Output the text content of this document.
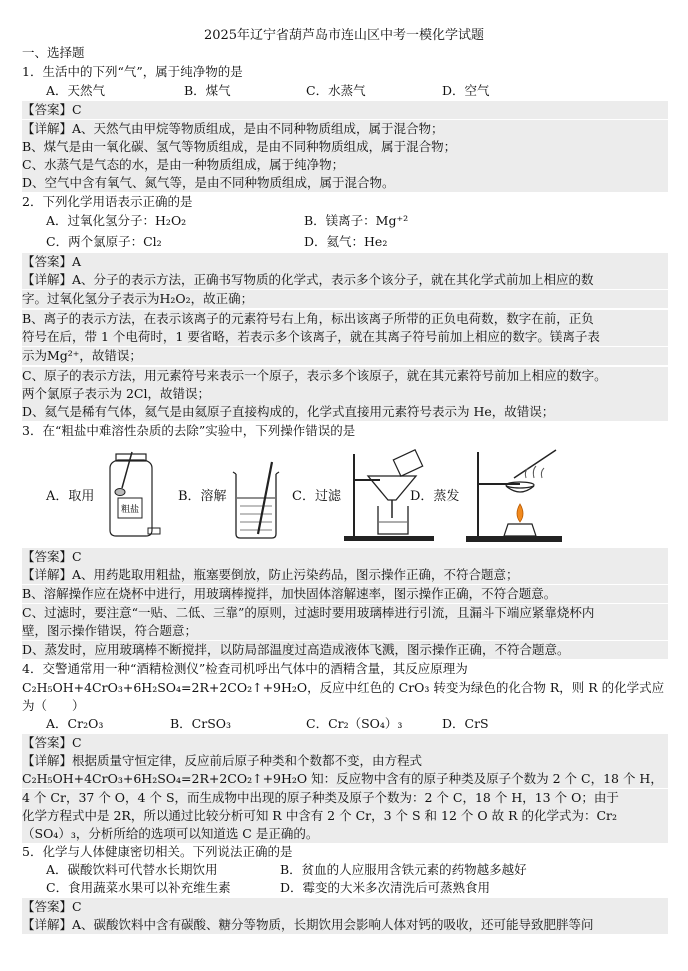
2025年辽宁省葫芦岛市连山区中考一模化学试题
一、选择题
1．生活中的下列“气”，属于纯净物的是
A．天然气	B．煤气	C．水蒸气	D．空气
【答案】C
【详解】A、天然气由甲烷等物质组成，是由不同种物质组成，属于混合物；
B、煤气是由一氧化碳、氢气等物质组成，是由不同种物质组成，属于混合物；
C、水蒸气是气态的水，是由一种物质组成，属于纯净物；
D、空气中含有氧气、氮气等，是由不同种物质组成，属于混合物。
2．下列化学用语表示正确的是
A．过氧化氢分子：H₂O₂	B．镁离子：Mg⁺²
C．两个氯原子：Cl₂	D．氦气：He₂
【答案】A
【详解】A、分子的表示方法，正确书写物质的化学式，表示多个该分子，就在其化学式前加上相应的数
字。过氧化氢分子表示为H₂O₂，故正确；
B、离子的表示方法，在表示该离子的元素符号右上角，标出该离子所带的正负电荷数，数字在前，正负
符号在后，带 1 个电荷时，1 要省略，若表示多个该离子，就在其离子符号前加上相应的数字。镁离子表
示为Mg²⁺，故错误；
C、原子的表示方法，用元素符号来表示一个原子，表示多个该原子，就在其元素符号前加上相应的数字。
两个氯原子表示为 2Cl，故错误；
D、氦气是稀有气体，氦气是由氦原子直接构成的，化学式直接用元素符号表示为 He，故错误；
3．在“粗盐中难溶性杂质的去除”实验中，下列操作错误的是
A．取用
粗盐
B．溶解	C．过滤	D．蒸发
【答案】C
【详解】A、用药匙取用粗盐，瓶塞要倒放，防止污染药品，图示操作正确，不符合题意；
B、溶解操作应在烧杯中进行，用玻璃棒搅拌，加快固体溶解速率，图示操作正确，不符合题意。
C、过滤时，要注意“一贴、二低、三靠”的原则，过滤时要用玻璃棒进行引流，且漏斗下端应紧靠烧杯内
壁，图示操作错误，符合题意；
D、蒸发时，应用玻璃棒不断搅拌，以防局部温度过高造成液体飞溅，图示操作正确，不符合题意。
4．交警通常用一种“酒精检测仪”检查司机呼出气体中的酒精含量，其反应原理为
C₂H₅OH+4CrO₃+6H₂SO₄=2R+2CO₂↑+9H₂O，反应中红色的 CrO₃ 转变为绿色的化合物 R，则 R 的化学式应
为（　　）
A．Cr₂O₃	B．CrSO₃	C．Cr₂（SO₄）₃	D．CrS
【答案】C
【详解】根据质量守恒定律，反应前后原子种类和个数都不变，由方程式
C₂H₅OH+4CrO₃+6H₂SO₄=2R+2CO₂↑+9H₂O 知：反应物中含有的原子种类及原子个数为 2 个 C，18 个 H，
4 个 Cr，37 个 O，4 个 S，而生成物中出现的原子种类及原子个数为：2 个 C，18 个 H，13 个 O；由于
化学方程式中是 2R，所以通过比较分析可知 R 中含有 2 个 Cr，3 个 S 和 12 个 O 故 R 的化学式为：Cr₂
（SO₄）₃，分析所给的选项可以知道选 C 是正确的。
5．化学与人体健康密切相关。下列说法正确的是
A．碳酸饮料可代替水长期饮用	B．贫血的人应服用含铁元素的药物越多越好
C．食用蔬菜水果可以补充维生素	D．霉变的大米多次清洗后可蒸熟食用
【答案】C
【详解】A、碳酸饮料中含有碳酸、糖分等物质，长期饮用会影响人体对钙的吸收，还可能导致肥胖等问
